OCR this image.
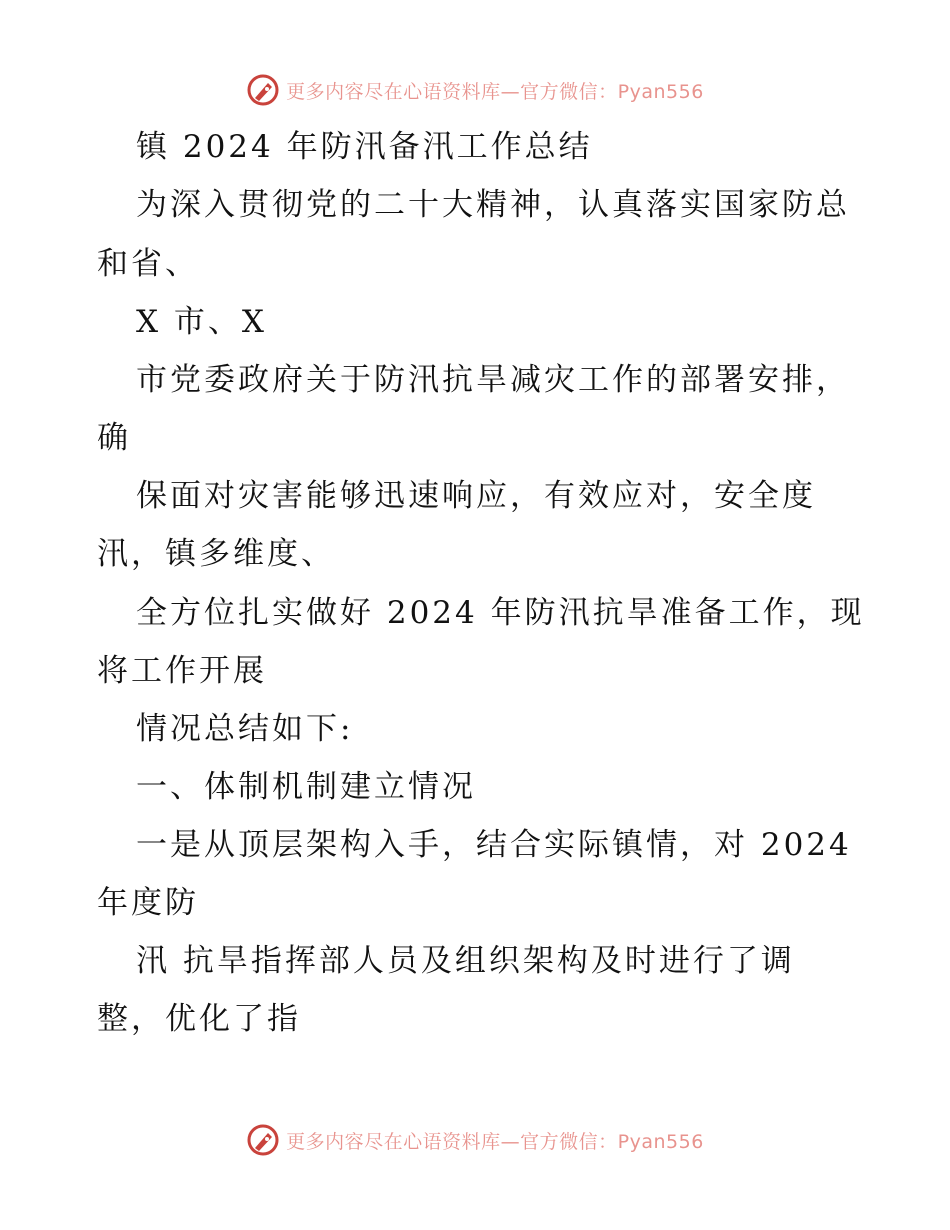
更多内容尽在心语资料库—官方微信：Pyan556
镇 2024 年防汛备汛工作总结
为深入贯彻党的二十大精神，认真落实国家防总
和省、
X 市、X
市党委政府关于防汛抗旱减灾工作的部署安排，
确
保面对灾害能够迅速响应，有效应对，安全度
汛，镇多维度、
全方位扎实做好 2024 年防汛抗旱准备工作，现
将工作开展
情况总结如下:
一、体制机制建立情况
一是从顶层架构入手，结合实际镇情，对 2024
年度防
汛 抗旱指挥部人员及组织架构及时进行了调
整，优化了指
更多内容尽在心语资料库—官方微信：Pyan556
